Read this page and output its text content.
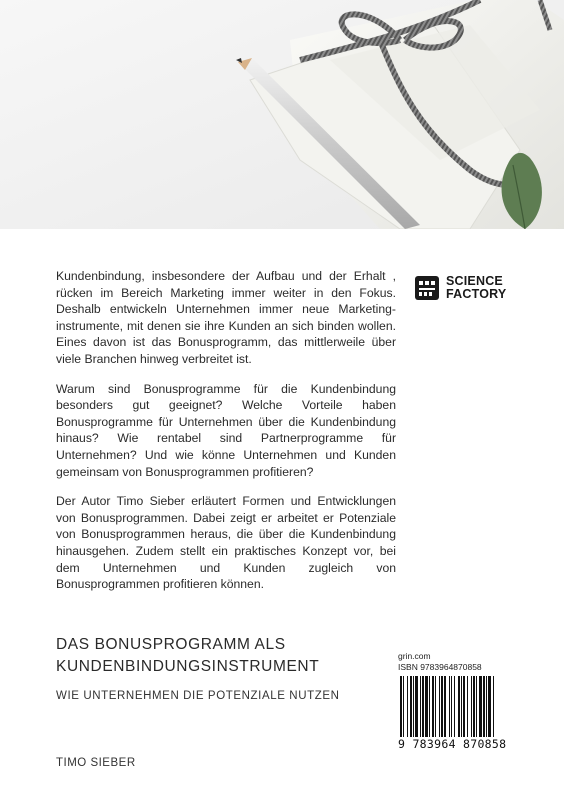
Kundenbindung, insbesondere der Aufbau und der Erhalt , rücken im Bereich Marketing immer weiter in den Fokus. Deshalb entwickeln Unternehmen immer neue Marketing-instrumente, mit denen sie ihre Kunden an sich binden wollen. Eines davon ist das Bonusprogramm, das mittlerweile über viele Branchen hinweg verbreitet ist.

Warum sind Bonusprogramme für die Kundenbindung besonders gut geeignet? Welche Vorteile haben Bonusprogramme für Unternehmen über die Kundenbindung hinaus? Wie rentabel sind Partnerprogramme für Unternehmen? Und wie könne Unternehmen und Kunden gemeinsam von Bonusprogrammen profitieren?

Der Autor Timo Sieber erläutert Formen und Entwicklungen von Bonusprogrammen. Dabei zeigt er arbeitet er Potenziale von Bonusprogrammen heraus, die über die Kundenbindung hinausgehen. Zudem stellt ein praktisches Konzept vor, bei dem Unternehmen und Kunden zugleich von Bonusprogrammen profitieren können.

SCIENCE
FACTORY
DAS BONUSPROGRAMM ALS
KUNDENBINDUNGSINSTRUMENT
WIE UNTERNEHMEN DIE POTENZIALE NUTZEN
TIMO SIEBER
grin.com
ISBN 9783964870858
9 783964 870858
